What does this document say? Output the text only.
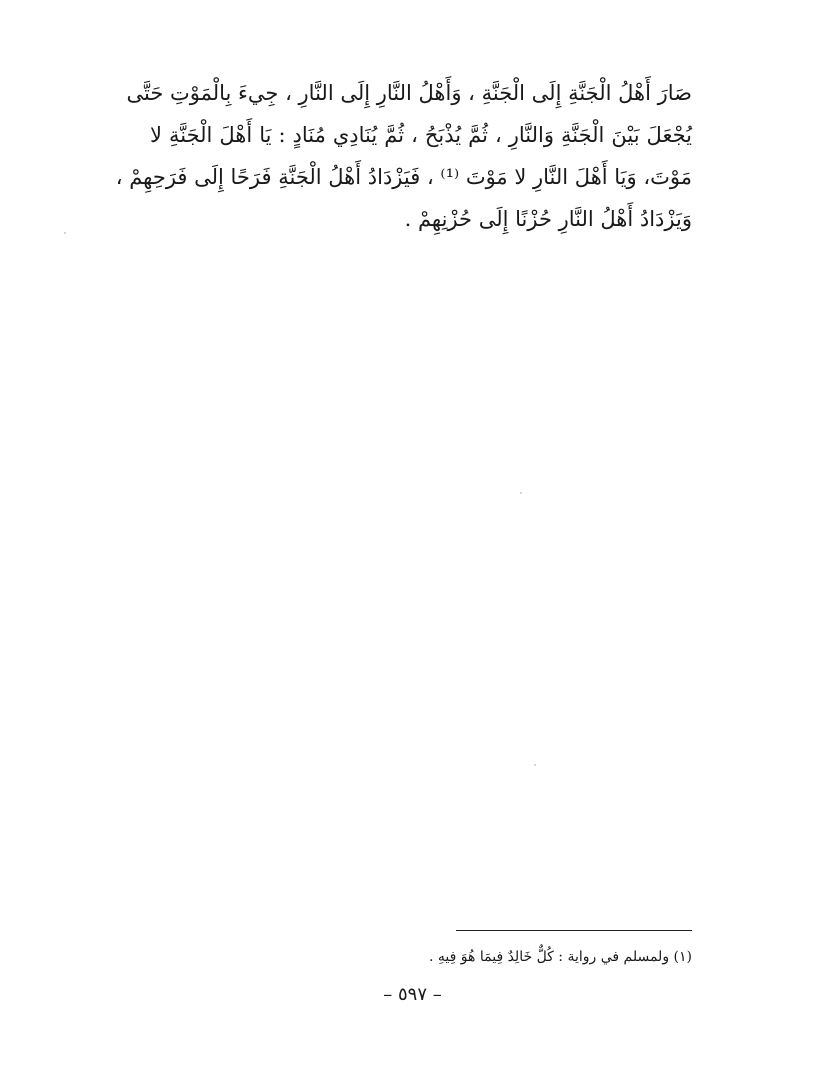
صَارَ أَهْلُ الْجَنَّةِ إِلَى الْجَنَّةِ ، وَأَهْلُ النَّارِ إِلَى النَّارِ ، جِيءَ بِالْمَوْتِ حَتَّى
يُجْعَلَ بَيْنَ الْجَنَّةِ وَالنَّارِ ، ثُمَّ يُذْبَحُ ، ثُمَّ يُنَادِي مُنَادٍ : يَا أَهْلَ الْجَنَّةِ لا
مَوْتَ، وَيَا أَهْلَ النَّارِ لا مَوْتَ ⁽¹⁾ ، فَيَزْدَادُ أَهْلُ الْجَنَّةِ فَرَحًا إِلَى فَرَحِهِمْ ،
وَيَزْدَادُ أَهْلُ النَّارِ حُزْنًا إِلَى حُزْنِهِمْ .
(١) ولمسلم في رواية : كُلٌّ خَالِدٌ فِيمَا هُوَ فِيهِ .
– ٥٩٧ –
